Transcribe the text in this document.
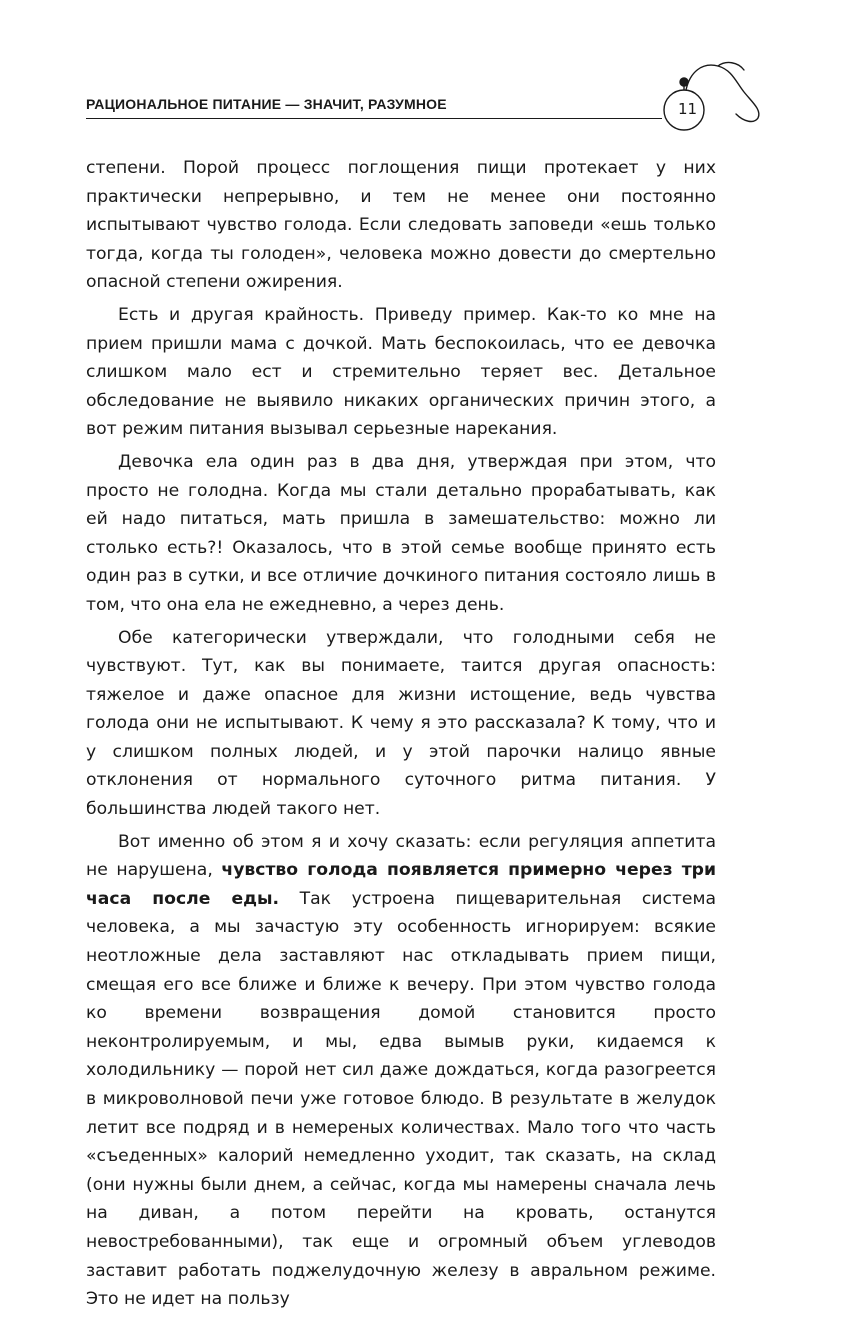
РАЦИОНАЛЬНОЕ ПИТАНИЕ — ЗНАЧИТ, РАЗУМНОЕ	11

степени. Порой процесс поглощения пищи протекает у них практически непрерывно, и тем не менее они постоянно испытывают чувство голода. Если следовать заповеди «ешь только тогда, когда ты голоден», человека можно довести до смертельно опасной степени ожирения.

Есть и другая крайность. Приведу пример. Как-то ко мне на прием пришли мама с дочкой. Мать беспокоилась, что ее девочка слишком мало ест и стремительно теряет вес. Детальное обследование не выявило никаких органических причин этого, а вот режим питания вызывал серьезные нарекания.

Девочка ела один раз в два дня, утверждая при этом, что просто не голодна. Когда мы стали детально прорабатывать, как ей надо питаться, мать пришла в замешательство: можно ли столько есть?! Оказалось, что в этой семье вообще принято есть один раз в сутки, и все отличие дочкиного питания состояло лишь в том, что она ела не ежедневно, а через день.

Обе категорически утверждали, что голодными себя не чувствуют. Тут, как вы понимаете, таится другая опасность: тяжелое и даже опасное для жизни истощение, ведь чувства голода они не испытывают. К чему я это рассказала? К тому, что и у слишком полных людей, и у этой парочки налицо явные отклонения от нормального суточного ритма питания. У большинства людей такого нет.

Вот именно об этом я и хочу сказать: если регуляция аппетита не нарушена, чувство голода появляется примерно через три часа после еды. Так устроена пищеварительная система человека, а мы зачастую эту особенность игнорируем: всякие неотложные дела заставляют нас откладывать прием пищи, смещая его все ближе и ближе к вечеру. При этом чувство голода ко времени возвращения домой становится просто неконтролируемым, и мы, едва вымыв руки, кидаемся к холодильнику — порой нет сил даже дождаться, когда разогреется в микроволновой печи уже готовое блюдо. В результате в желудок летит все подряд и в немереных количествах. Мало того что часть «съеденных» калорий немедленно уходит, так сказать, на склад (они нужны были днем, а сейчас, когда мы намерены сначала лечь на диван, а потом перейти на кровать, останутся невостребованными), так еще и огромный объем углеводов заставит работать поджелудочную железу в авральном режиме. Это не идет на пользу
